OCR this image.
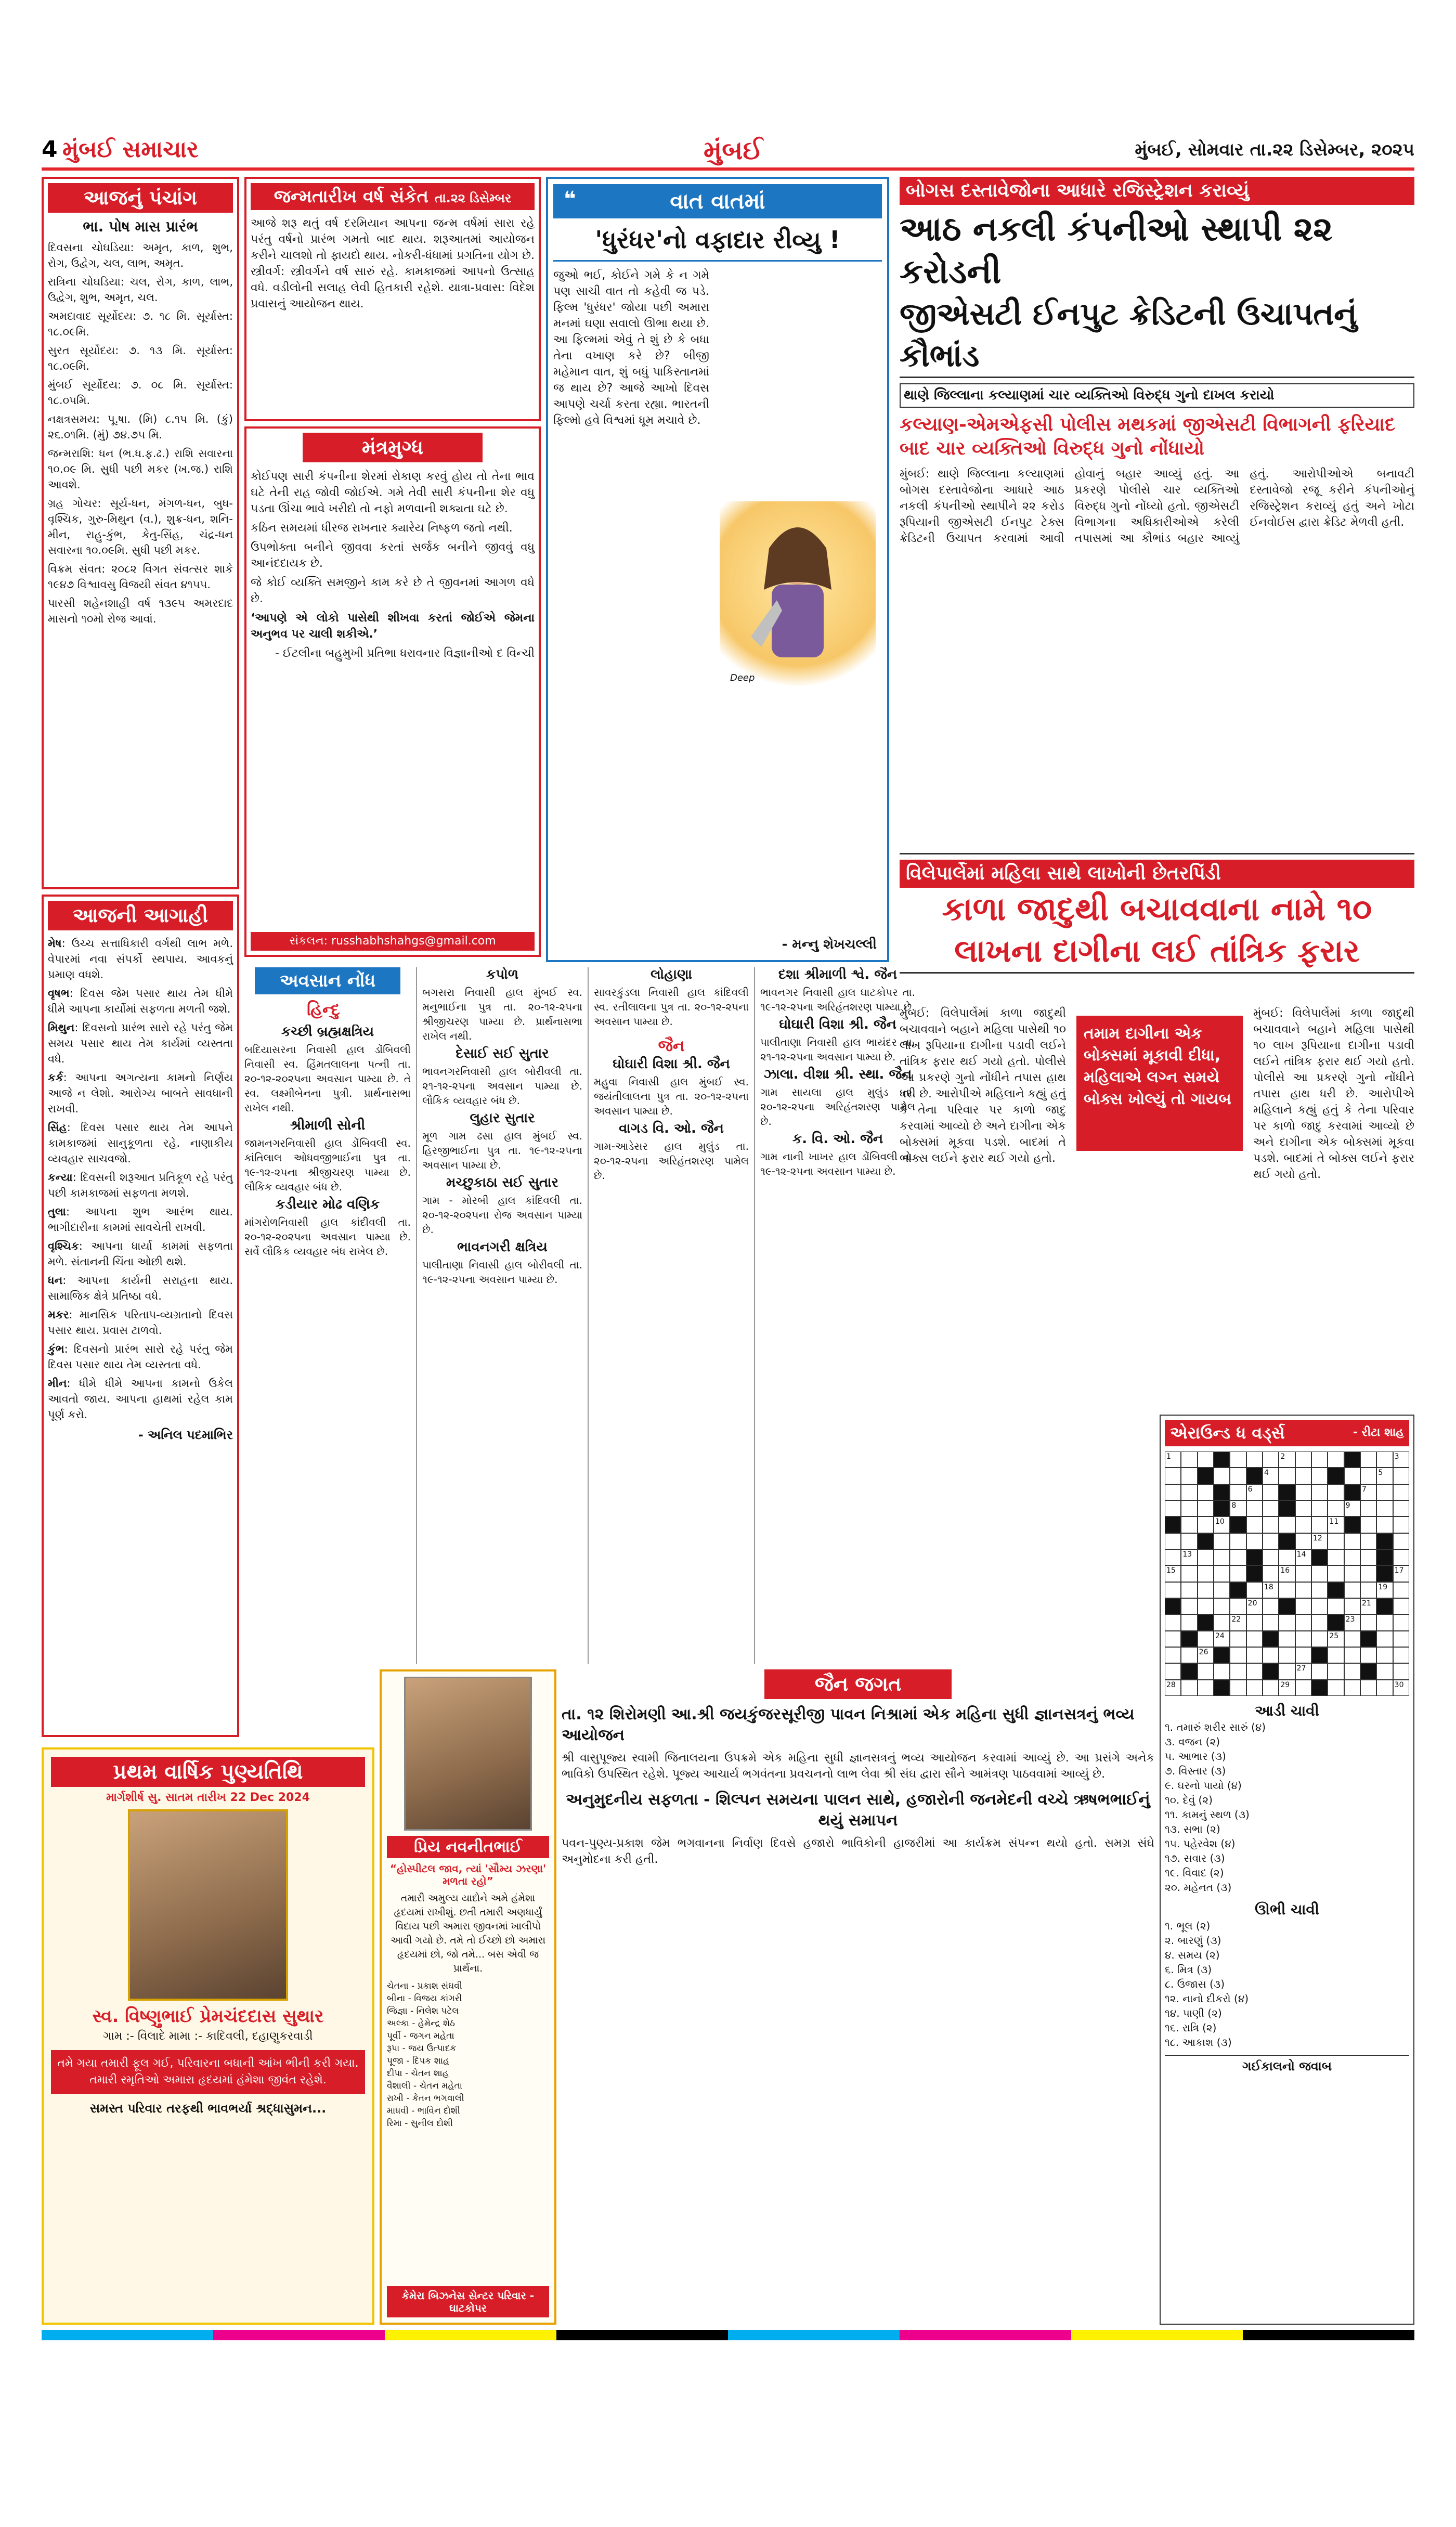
4 મુંબઈ સમાચાર	મુંબઈ	મુંબઈ, સોમવાર તા.૨૨ ડિસેમ્બર, ૨૦૨૫
આજનું પંચાંગ
ભા. પોષ માસ પ્રારંભ

દિવસના ચોઘડિયા: અમૃત, કાળ, શુભ, રોગ, ઉદ્વેગ, ચલ, લાભ, અમૃત.

રાત્રિના ચોઘડિયા: ચલ, રોગ, કાળ, લાભ, ઉદ્વેગ, શુભ, અમૃત, ચલ.

અમદાવાદ સૂર્યોદય: ૭. ૧૮ મિ. સૂર્યાસ્ત: ૧૮.૦૯મિ.

સુરત સૂર્યોદય: ૭. ૧૩ મિ. સૂર્યાસ્ત: ૧૮.૦૯મિ.

મુંબઈ સૂર્યોદય: ૭. ૦૮ મિ. સૂર્યાસ્ત: ૧૮.૦૫મિ.

નક્ષત્રસમય: પૂ.ષા. (મિ) ૮.૧૫ મિ. (કું) ૨૬.૦૧મિ. (મું) ૭૪.૭૫ મિ.

જન્મરાશિ: ધન (ભ.ધ.ફ.ઢ.) રાશિ સવારના ૧૦.૦૯ મિ. સુધી પછી મકર (ખ.જ.) રાશિ આવશે.

ગ્રહ ગોચર: સૂર્ય-ધન, મંગળ-ધન, બુધ-વૃશ્ચિક, ગુરુ-મિથુન (વ.), શુક્ર-ધન, શનિ-મીન, રાહુ-કુંભ, કેતુ-સિંહ, ચંદ્ર-ધન સવારના ૧૦.૦૯મિ. સુધી પછી મકર.

વિક્રમ સંવત: ૨૦૮૨ વિગત સંવત્સર શાકે ૧૯૪૭ વિશ્વાવસુ વિજયી સંવત ૪૧૫૫.

પારસી શહેનશાહી વર્ષ ૧૩૯૫ અમરદાદ માસનો ૧૦મો રોજ આવાં.

આજની આગાહી

મેષ: ઉચ્ચ સત્તાધિકારી વર્ગથી લાભ મળે. વેપારમાં નવા સંપર્કો સ્થપાય. આવકનું પ્રમાણ વધશે.

વૃષભ: દિવસ જેમ પસાર થાય તેમ ધીમે ધીમે આપના કાર્યોમાં સફળતા મળતી જશે.

મિથુન: દિવસનો પ્રારંભ સારો રહે પરંતુ જેમ સમય પસાર થાય તેમ કાર્યમાં વ્યસ્તતા વધે.

કર્ક: આપના અગત્યના કામનો નિર્ણય આજે ન લેશો. આરોગ્ય બાબતે સાવધાની રાખવી.

સિંહ: દિવસ પસાર થાય તેમ આપને કામકાજમાં સાનુકૂળતા રહે. નાણાકીય વ્યવહાર સાચવજો.

કન્યા: દિવસની શરૂઆત પ્રતિકૂળ રહે પરંતુ પછી કામકાજમાં સફળતા મળશે.

તુલા: આપના શુભ આરંભ થાય. ભાગીદારીના કામમાં સાવચેતી રાખવી.

વૃશ્ચિક: આપના ધાર્યા કામમાં સફળતા મળે. સંતાનની ચિંતા ઓછી થશે.

ધન: આપના કાર્યની સરાહના થાય. સામાજિક ક્ષેત્રે પ્રતિષ્ઠા વધે.

મકર: માનસિક પરિતાપ-વ્યગ્રતાનો દિવસ પસાર થાય. પ્રવાસ ટાળવો.

કુંભ: દિવસનો પ્રારંભ સારો રહે પરંતુ જેમ દિવસ પસાર થાય તેમ વ્યસ્તતા વધે.

મીન: ધીમે ધીમે આપના કામનો ઉકેલ આવતો જાય. આપના હાથમાં રહેલ કામ પૂર્ણ કરો.

- અનિલ પદમાભિર
જન્મતારીખ વર્ષ સંકેત તા.૨૨ ડિસેમ્બર
આજે શરૂ થતું વર્ષ દરમિયાન આપના જન્મ વર્ષમાં સારા રહે પરંતુ વર્ષનો પ્રારંભ ગમતો બાદ થાય. શરૂઆતમાં આયોજન કરીને ચાલશો તો ફાયદો થાય. નોકરી-ધંધામાં પ્રગતિના યોગ છે. સ્ત્રીવર્ગ: સ્ત્રીવર્ગને વર્ષ સારું રહે. કામકાજમાં આપનો ઉત્સાહ વધે. વડીલોની સલાહ લેવી હિતકારી રહેશે. યાત્રા-પ્રવાસ: વિદેશ પ્રવાસનું આયોજન થાય.
મંત્રમુગ્ધ

કોઈપણ સારી કંપનીના શેરમાં રોકાણ કરવું હોય તો તેના ભાવ ઘટે તેની રાહ જોવી જોઈએ. ગમે તેવી સારી કંપનીના શેર વધુ પડતા ઊંચા ભાવે ખરીદો તો નફો મળવાની શક્યતા ઘટે છે.

કઠિન સમયમાં ધીરજ રાખનાર ક્યારેય નિષ્ફળ જતો નથી.

ઉપભોક્તા બનીને જીવવા કરતાં સર્જક બનીને જીવવું વધુ આનંદદાયક છે.

જે કોઈ વ્યક્તિ સમજીને કામ કરે છે તે જીવનમાં આગળ વધે છે.

‘આપણે એ લોકો પાસેથી શીખવા કરતાં જોઈએ જેમના અનુભવ પર ચાલી શકીએ.’

- ઈટલીના બહુમુખી પ્રતિભા ધરાવનાર વિજ્ઞાનીઓ દ વિન્ચી

સંકલન: russhabhshahgs@gmail.com
અવસાન નોંધ
હિન્દુ

કચ્છી બ્રહ્મક્ષત્રિય

બદિયાસરના નિવાસી હાલ ડોંબિવલી નિવાસી સ્વ. હિંમતલાલના પત્ની તા. ૨૦-૧૨-૨૦૨૫ના અવસાન પામ્યા છે. તે સ્વ. લક્ષ્મીબેનના પુત્રી. પ્રાર્થનાસભા રાખેલ નથી.

શ્રીમાળી સોની

જામનગરનિવાસી હાલ ડોંબિવલી સ્વ. કાંતિલાલ ઓધવજીભાઈના પુત્ર તા. ૧૯-૧૨-૨૫ના શ્રીજીચરણ પામ્યા છે. લૌકિક વ્યવહાર બંધ છે.

કડીયાર મોઢ વણિક

માંગરોળનિવાસી હાલ કાંદીવલી તા. ૨૦-૧૨-૨૦૨૫ના અવસાન પામ્યા છે. સર્વે લૌકિક વ્યવહાર બંધ રાખેલ છે.

કપોળ

બગસરા નિવાસી હાલ મુંબઈ સ્વ. મનુભાઈના પુત્ર તા. ૨૦-૧૨-૨૫ના શ્રીજીચરણ પામ્યા છે. પ્રાર્થનાસભા રાખેલ નથી.

દેસાઈ સઈ સુતાર

ભાવનગરનિવાસી હાલ બોરીવલી તા. ૨૧-૧૨-૨૫ના અવસાન પામ્યા છે. લૌકિક વ્યવહાર બંધ છે.

લુહાર સુતાર

મૂળ ગામ ઢસા હાલ મુંબઈ સ્વ. હિરજીભાઈના પુત્ર તા. ૧૯-૧૨-૨૫ના અવસાન પામ્યા છે.

મચ્છુકાઠા સઈ સુતાર

ગામ - મોરબી હાલ કાંદિવલી તા. ૨૦-૧૨-૨૦૨૫ના રોજ અવસાન પામ્યા છે.

ભાવનગરી ક્ષત્રિય

પાલીતાણા નિવાસી હાલ બોરીવલી તા. ૧૯-૧૨-૨૫ના અવસાન પામ્યા છે.

લોહાણા

સાવરકુંડલા નિવાસી હાલ કાંદિવલી સ્વ. રતીલાલના પુત્ર તા. ૨૦-૧૨-૨૫ના અવસાન પામ્યા છે.

જૈન

ઘોઘારી વિશા શ્રી. જૈન

મહુવા નિવાસી હાલ મુંબઈ સ્વ. જયંતીલાલના પુત્ર તા. ૨૦-૧૨-૨૫ના અવસાન પામ્યા છે.

વાગડ વિ. ઓ. જૈન

ગામ-આડેસર હાલ મુલુંડ તા. ૨૦-૧૨-૨૫ના અરિહંતશરણ પામેલ છે.

દશા શ્રીમાળી શ્વે. જૈન

ભાવનગર નિવાસી હાલ ઘાટકોપર તા. ૧૯-૧૨-૨૫ના અરિહંતશરણ પામ્યા છે.

ઘોઘારી વિશા શ્રી. જૈન

પાલીતાણા નિવાસી હાલ ભાયંદર તા. ૨૧-૧૨-૨૫ના અવસાન પામ્યા છે.

ઝાલા. વીશા શ્રી. સ્થા. જૈન

ગામ સાયલા હાલ મુલુંડ તા. ૨૦-૧૨-૨૫ના અરિહંતશરણ પામેલ છે.

ક. વિ. ઓ. જૈન

ગામ નાની ખાખર હાલ ડોંબિવલી તા. ૧૯-૧૨-૨૫ના અવસાન પામ્યા છે.

❝	વાત વાતમાં
'ધુરંધર'નો વફાદાર રીવ્યુ !
જુઓ ભઈ, કોઈને ગમે કે ન ગમે પણ સાચી વાત તો કહેવી જ પડે. ફિલ્મ 'ધુરંધર' જોયા પછી અમારા મનમાં ઘણા સવાલો ઊભા થયા છે. આ ફિલ્મમાં એવું તે શું છે કે બધા તેના વખાણ કરે છે? બીજી મહેમાન વાત, શું બધું પાકિસ્તાનમાં જ થાય છે? આજે આખો દિવસ આપણે ચર્ચા કરતા રહ્યા. ભારતની ફિલ્મો હવે વિશ્વમાં ધૂમ મચાવે છે.
Deep
- મન્નુ શેખચલ્લી
બોગસ દસ્તાવેજોના આધારે રજિસ્ટ્રેશન કરાવ્યું
આઠ નકલી કંપનીઓ સ્થાપી ૨૨ કરોડની
જીએસટી ઈનપુટ ક્રેડિટની ઉચાપતનું કૌભાંડ
થાણે જિલ્લાના કલ્યાણમાં ચાર વ્યક્તિઓ વિરુદ્ધ ગુનો દાખલ કરાયો
કલ્યાણ-એમએફસી પોલીસ મથકમાં જીએસટી વિભાગની ફરિયાદ બાદ ચાર વ્યક્તિઓ વિરુદ્ધ ગુનો નોંધાયો
મુંબઈ: થાણે જિલ્લાના કલ્યાણમાં બોગસ દસ્તાવેજોના આધારે આઠ નકલી કંપનીઓ સ્થાપીને ૨૨ કરોડ રૂપિયાની જીએસટી ઈનપુટ ટેક્સ ક્રેડિટની ઉચાપત કરવામાં આવી હોવાનું બહાર આવ્યું હતું. આ પ્રકરણે પોલીસે ચાર વ્યક્તિઓ વિરુદ્ધ ગુનો નોંધ્યો હતો. જીએસટી વિભાગના અધિકારીઓએ કરેલી તપાસમાં આ કૌભાંડ બહાર આવ્યું હતું. આરોપીઓએ બનાવટી દસ્તાવેજો રજૂ કરીને કંપનીઓનું રજિસ્ટ્રેશન કરાવ્યું હતું અને ખોટા ઈનવોઈસ દ્વારા ક્રેડિટ મેળવી હતી.
વિલેપાર્લેમાં મહિલા સાથે લાખોની છેતરપિંડી
કાળા જાદુથી બચાવવાના નામે ૧૦
લાખના દાગીના લઈ તાંત્રિક ફરાર
મુંબઈ: વિલેપાર્લેમાં કાળા જાદુથી બચાવવાને બહાને મહિલા પાસેથી ૧૦ લાખ રૂપિયાના દાગીના પડાવી લઈને તાંત્રિક ફરાર થઈ ગયો હતો. પોલીસે આ પ્રકરણે ગુનો નોંધીને તપાસ હાથ ધરી છે. આરોપીએ મહિલાને કહ્યું હતું કે તેના પરિવાર પર કાળો જાદુ કરવામાં આવ્યો છે અને દાગીના એક બોક્સમાં મૂકવા પડશે. બાદમાં તે બોક્સ લઈને ફરાર થઈ ગયો હતો.
તમામ દાગીના એક બોક્સમાં મૂકાવી દીધા, મહિલાએ લગ્ન સમયે બોક્સ ખોલ્યું તો ગાયબ
મુંબઈ: વિલેપાર્લેમાં કાળા જાદુથી બચાવવાને બહાને મહિલા પાસેથી ૧૦ લાખ રૂપિયાના દાગીના પડાવી લઈને તાંત્રિક ફરાર થઈ ગયો હતો. પોલીસે આ પ્રકરણે ગુનો નોંધીને તપાસ હાથ ધરી છે. આરોપીએ મહિલાને કહ્યું હતું કે તેના પરિવાર પર કાળો જાદુ કરવામાં આવ્યો છે અને દાગીના એક બોક્સમાં મૂકવા પડશે. બાદમાં તે બોક્સ લઈને ફરાર થઈ ગયો હતો.
એરાઉન્ડ ધ વર્ડ્સ	- રીટા શાહ
1	2	3
4	5
6	7
8	9
10	11
12
13	14
15	16	17
18	19
20	21
22	23
24	25
26
27
28	29	30
આડી ચાવી
૧. તમારું શરીર સારું (૪)
૩. વજન (૨)
૫. આભાર (૩)
૭. વિસ્તાર (૩)
૯. ઘરનો પાયો (૪)
૧૦. દેવું (૨)
૧૧. કામનું સ્થળ (૩)
૧૩. સભા (૨)
૧૫. પહેરવેશ (૪)
૧૭. સવાર (૩)
૧૯. વિવાદ (૨)
૨૦. મહેનત (૩)
ઊભી ચાવી
૧. ભૂલ (૨)
૨. બારણું (૩)
૪. સમય (૨)
૬. મિત્ર (૩)
૮. ઉજાસ (૩)
૧૨. નાનો દીકરો (૪)
૧૪. પાણી (૨)
૧૬. રાત્રિ (૨)
૧૮. આકાશ (૩)
ગઈકાલનો જવાબ
જૈન જગત
તા. ૧૨ શિરોમણી આ.શ્રી જયકુંજરસૂરીજી પાવન નિશ્રામાં એક મહિના સુધી જ્ઞાનસત્રનું ભવ્ય આયોજન
શ્રી વાસુપૂજ્ય સ્વામી જિનાલયના ઉપક્રમે એક મહિના સુધી જ્ઞાનસત્રનું ભવ્ય આયોજન કરવામાં આવ્યું છે. આ પ્રસંગે અનેક ભાવિકો ઉપસ્થિત રહેશે. પૂજ્ય આચાર્ય ભગવંતના પ્રવચનનો લાભ લેવા શ્રી સંઘ દ્વારા સૌને આમંત્રણ પાઠવવામાં આવ્યું છે.
અનુમુદનીય સફળતા - શિલ્પન સમયના પાલન સાથે, હજારોની જનમેદની વચ્ચે ઋષભભાઈનું થયું સમાપન
પવન-પુણ્ય-પ્રકાશ જેમ ભગવાનના નિર્વાણ દિવસે હજારો ભાવિકોની હાજરીમાં આ કાર્યક્રમ સંપન્ન થયો હતો. સમગ્ર સંઘે અનુમોદના કરી હતી.
પ્રથમ વાર્ષિક પુણ્યતિથિ
માર્ગશીર્ષ સુ. સાતમ તારીખ 22 Dec 2024
સ્વ. વિષ્ણુભાઈ પ્રેમચંદદાસ સુથાર
ગામ :- વિલાદે મામા :- કાદિવલી, દહાણુકરવાડી
તમે ગયા તમારી ફૂલ ગઈ, પરિવારના બધાની આંખ ભીની કરી ગયા. તમારી સ્મૃતિઓ અમારા હૃદયમાં હંમેશા જીવંત રહેશે.
સમસ્ત પરિવાર તરફથી ભાવભર્યા શ્રદ્ધાસુમન...
પ્રિય નવનીતભાઈ
“હોસ્પીટલ જાવ, ત્યાં 'સૌમ્ય ઝરણા' મળતા રહો”
તમારી અમુલ્ય યાદોને અમે હંમેશા હૃદયમાં રાખીશું. છતી તમારી અણધાર્યું વિદાય પછી અમારા જીવનમાં ખાલીપો આવી ગયો છે. તમે તો ઈચ્છો છો અમારા હૃદયમાં છો, જો તમે... બસ એવી જ પ્રાર્થના.
ચેતના - પ્રકાશ સંઘવી
બીના - વિજય કાંગરી
જિજ્ઞા - નિલેશ પટેલ
અલ્કા - હેમેન્દ્ર શેઠ
પૂર્વી - જગન મહેતા
રૂપા - જય ઉત્પાદક
પૂજા - દિપક શાહ
દીપા - ચેતન શાહ
વૈશાલી - ચેતન મહેતા
રાખી - કેતન ભગવાલી
માધવી - ભાવિન દોશી
રિમા - સુનીલ દોશી
કેમેરા બિઝનેસ સેન્ટર પરિવાર - ઘાટકોપર
